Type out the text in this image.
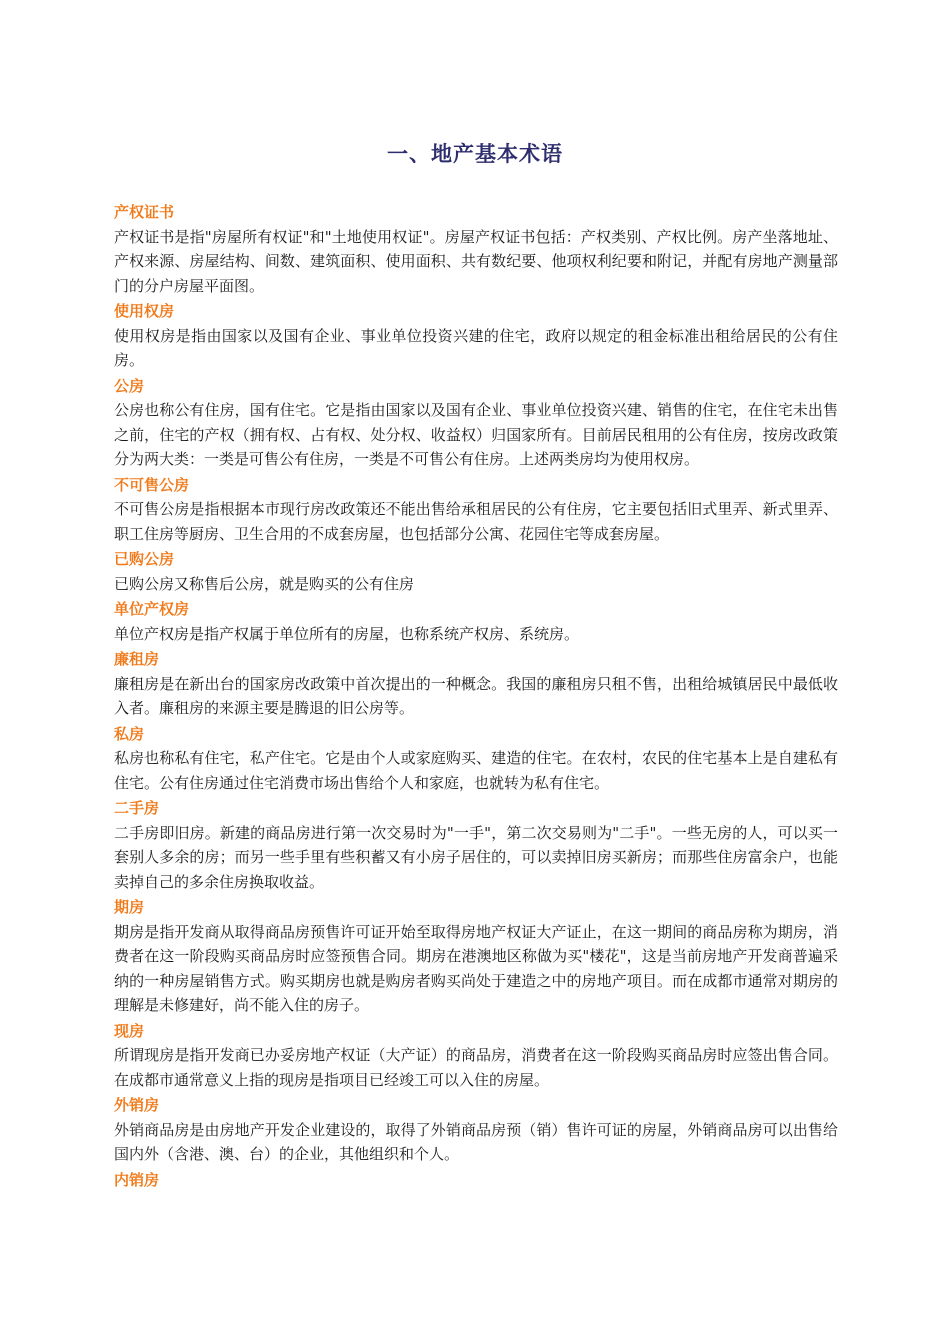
一、地产基本术语

产权证书

产权证书是指"房屋所有权证"和"土地使用权证"。房屋产权证书包括：产权类别、产权比例。房产坐落地址、产权来源、房屋结构、间数、建筑面积、使用面积、共有数纪要、他项权利纪要和附记，并配有房地产测量部门的分户房屋平面图。

使用权房

使用权房是指由国家以及国有企业、事业单位投资兴建的住宅，政府以规定的租金标准出租给居民的公有住房。

公房

公房也称公有住房，国有住宅。它是指由国家以及国有企业、事业单位投资兴建、销售的住宅，在住宅未出售之前，住宅的产权（拥有权、占有权、处分权、收益权）归国家所有。目前居民租用的公有住房，按房改政策分为两大类：一类是可售公有住房，一类是不可售公有住房。上述两类房均为使用权房。

不可售公房

不可售公房是指根据本市现行房改政策还不能出售给承租居民的公有住房，它主要包括旧式里弄、新式里弄、职工住房等厨房、卫生合用的不成套房屋，也包括部分公寓、花园住宅等成套房屋。

已购公房

已购公房又称售后公房，就是购买的公有住房

单位产权房

单位产权房是指产权属于单位所有的房屋，也称系统产权房、系统房。

廉租房

廉租房是在新出台的国家房改政策中首次提出的一种概念。我国的廉租房只租不售，出租给城镇居民中最低收入者。廉租房的来源主要是腾退的旧公房等。

私房

私房也称私有住宅，私产住宅。它是由个人或家庭购买、建造的住宅。在农村，农民的住宅基本上是自建私有住宅。公有住房通过住宅消费市场出售给个人和家庭，也就转为私有住宅。

二手房

二手房即旧房。新建的商品房进行第一次交易时为"一手"，第二次交易则为"二手"。一些无房的人，可以买一套别人多余的房；而另一些手里有些积蓄又有小房子居住的，可以卖掉旧房买新房；而那些住房富余户，也能卖掉自己的多余住房换取收益。

期房

期房是指开发商从取得商品房预售许可证开始至取得房地产权证大产证止，在这一期间的商品房称为期房，消费者在这一阶段购买商品房时应签预售合同。期房在港澳地区称做为买"楼花"，这是当前房地产开发商普遍采纳的一种房屋销售方式。购买期房也就是购房者购买尚处于建造之中的房地产项目。而在成都市通常对期房的理解是未修建好，尚不能入住的房子。

现房

所谓现房是指开发商已办妥房地产权证（大产证）的商品房，消费者在这一阶段购买商品房时应签出售合同。在成都市通常意义上指的现房是指项目已经竣工可以入住的房屋。

外销房

外销商品房是由房地产开发企业建设的，取得了外销商品房预（销）售许可证的房屋，外销商品房可以出售给国内外（含港、澳、台）的企业，其他组织和个人。

内销房
